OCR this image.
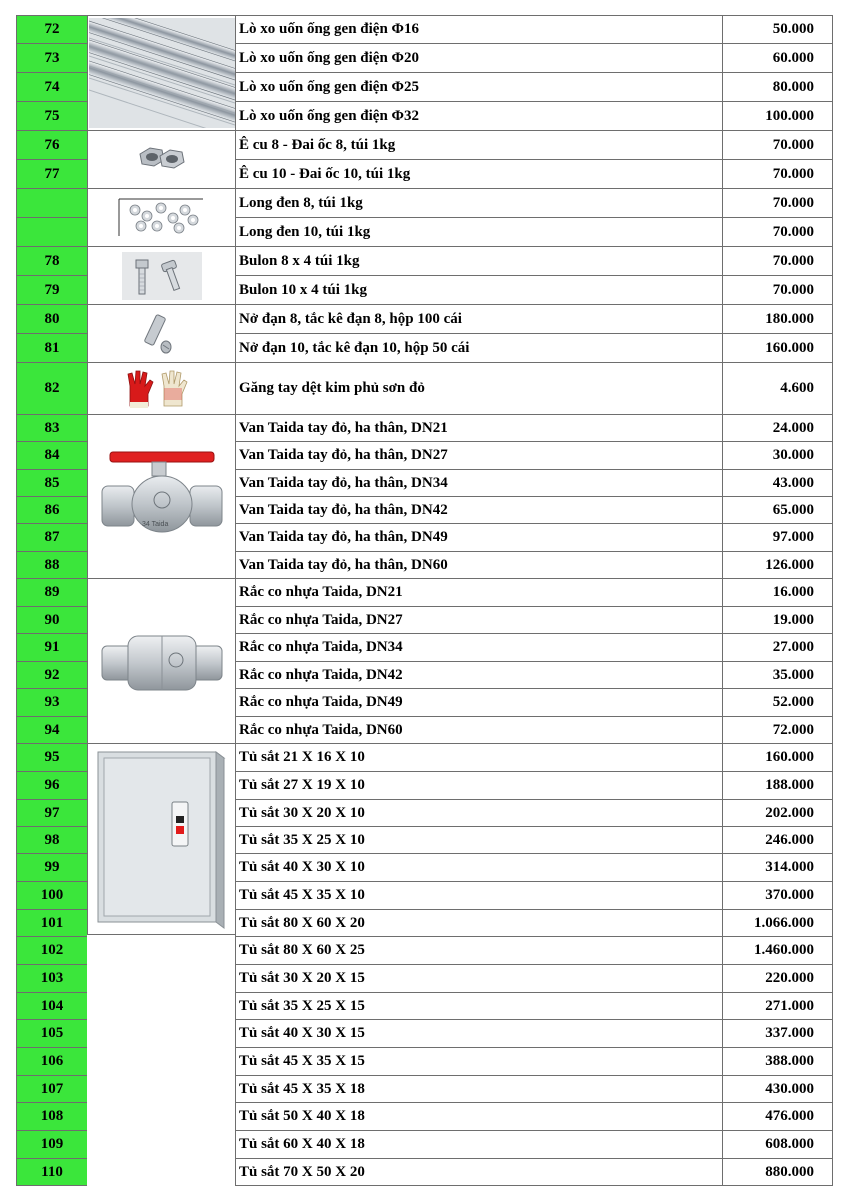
72	Lò xo uốn ống gen điện Φ16	50.000
73	Lò xo uốn ống gen điện Φ20	60.000
74	Lò xo uốn ống gen điện Φ25	80.000
75	Lò xo uốn ống gen điện Φ32	100.000
76	Ê cu 8 - Đai ốc 8, túi 1kg	70.000
77	Ê cu 10 - Đai ốc 10, túi 1kg	70.000
Long đen 8, túi 1kg	70.000
Long đen 10, túi 1kg	70.000
78	Bulon 8 x 4 túi 1kg	70.000
79	Bulon 10 x 4 túi 1kg	70.000
80	Nở đạn 8, tắc kê đạn 8, hộp 100 cái	180.000
81	Nở đạn 10, tắc kê đạn 10, hộp 50 cái	160.000
82	Găng tay dệt kim phủ sơn đỏ	4.600
83	Van Taida tay đỏ, ha thân, DN21	24.000
84	Van Taida tay đỏ, ha thân, DN27	30.000
85	Van Taida tay đỏ, ha thân, DN34	43.000
86	Van Taida tay đỏ, ha thân, DN42	65.000
87	Van Taida tay đỏ, ha thân, DN49	97.000
88	Van Taida tay đỏ, ha thân, DN60	126.000
89	Rắc co nhựa Taida, DN21	16.000
90	Rắc co nhựa Taida, DN27	19.000
91	Rắc co nhựa Taida, DN34	27.000
92	Rắc co nhựa Taida, DN42	35.000
93	Rắc co nhựa Taida, DN49	52.000
94	Rắc co nhựa Taida, DN60	72.000
95	Tủ sắt 21 X 16 X 10	160.000
96	Tủ sắt 27 X 19 X 10	188.000
97	Tủ sắt 30 X 20 X 10	202.000
98	Tủ sắt 35 X 25 X 10	246.000
99	Tủ sắt 40 X 30 X 10	314.000
100	Tủ sắt 45 X 35 X 10	370.000
101	Tủ sắt 80 X 60 X 20	1.066.000
102	Tủ sắt 80 X 60 X 25	1.460.000
103	Tủ sắt 30 X 20 X 15	220.000
104	Tủ sắt 35 X 25 X 15	271.000
105	Tủ sắt 40 X 30 X 15	337.000
106	Tủ sắt 45 X 35 X 15	388.000
107	Tủ sắt 45 X 35 X 18	430.000
108	Tủ sắt 50 X 40 X 18	476.000
109	Tủ sắt 60 X 40 X 18	608.000
110	Tủ sắt 70 X 50 X 20	880.000
34 Taida
